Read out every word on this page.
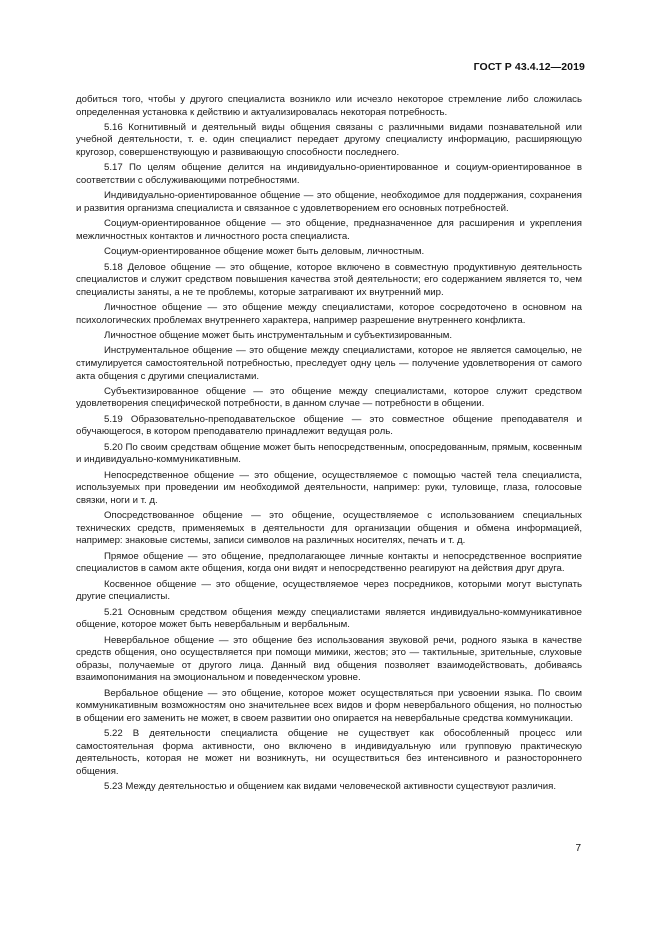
ГОСТ Р 43.4.12—2019

добиться того, чтобы у другого специалиста возникло или исчезло некоторое стремление либо сложилась определенная установка к действию и актуализировалась некоторая потребность.

5.16 Когнитивный и деятельный виды общения связаны с различными видами познавательной или учебной деятельности, т. е. один специалист передает другому специалисту информацию, расширяющую кругозор, совершенствующую и развивающую способности последнего.

5.17 По целям общение делится на индивидуально-ориентированное и социум-ориентированное в соответствии с обслуживающими потребностями.

Индивидуально-ориентированное общение — это общение, необходимое для поддержания, сохранения и развития организма специалиста и связанное с удовлетворением его основных потребностей.

Социум-ориентированное общение — это общение, предназначенное для расширения и укрепления межличностных контактов и личностного роста специалиста.

Социум-ориентированное общение может быть деловым, личностным.

5.18 Деловое общение — это общение, которое включено в совместную продуктивную деятельность специалистов и служит средством повышения качества этой деятельности; его содержанием является то, чем специалисты заняты, а не те проблемы, которые затрагивают их внутренний мир.

Личностное общение — это общение между специалистами, которое сосредоточено в основном на психологических проблемах внутреннего характера, например разрешение внутреннего конфликта.

Личностное общение может быть инструментальным и субъектизированным.

Инструментальное общение — это общение между специалистами, которое не является самоцелью, не стимулируется самостоятельной потребностью, преследует одну цель — получение удовлетворения от самого акта общения с другими специалистами.

Субъектизированное общение — это общение между специалистами, которое служит средством удовлетворения специфической потребности, в данном случае — потребности в общении.

5.19 Образовательно-преподавательское общение — это совместное общение преподавателя и обучающегося, в котором преподавателю принадлежит ведущая роль.

5.20 По своим средствам общение может быть непосредственным, опосредованным, прямым, косвенным и индивидуально-коммуникативным.

Непосредственное общение — это общение, осуществляемое с помощью частей тела специалиста, используемых при проведении им необходимой деятельности, например: руки, туловище, глаза, голосовые связки, ноги и т. д.

Опосредствованное общение — это общение, осуществляемое с использованием специальных технических средств, применяемых в деятельности для организации общения и обмена информацией, например: знаковые системы, записи символов на различных носителях, печать и т. д.

Прямое общение — это общение, предполагающее личные контакты и непосредственное восприятие специалистов в самом акте общения, когда они видят и непосредственно реагируют на действия друг друга.

Косвенное общение — это общение, осуществляемое через посредников, которыми могут выступать другие специалисты.

5.21 Основным средством общения между специалистами является индивидуально-коммуникативное общение, которое может быть невербальным и вербальным.

Невербальное общение — это общение без использования звуковой речи, родного языка в качестве средств общения, оно осуществляется при помощи мимики, жестов; это — тактильные, зрительные, слуховые образы, получаемые от другого лица. Данный вид общения позволяет взаимодействовать, добиваясь взаимопонимания на эмоциональном и поведенческом уровне.

Вербальное общение — это общение, которое может осуществляться при усвоении языка. По своим коммуникативным возможностям оно значительнее всех видов и форм невербального общения, но полностью в общении его заменить не может, в своем развитии оно опирается на невербальные средства коммуникации.

5.22 В деятельности специалиста общение не существует как обособленный процесс или самостоятельная форма активности, оно включено в индивидуальную или групповую практическую деятельность, которая не может ни возникнуть, ни осуществиться без интенсивного и разностороннего общения.

5.23 Между деятельностью и общением как видами человеческой активности существуют различия.

7
